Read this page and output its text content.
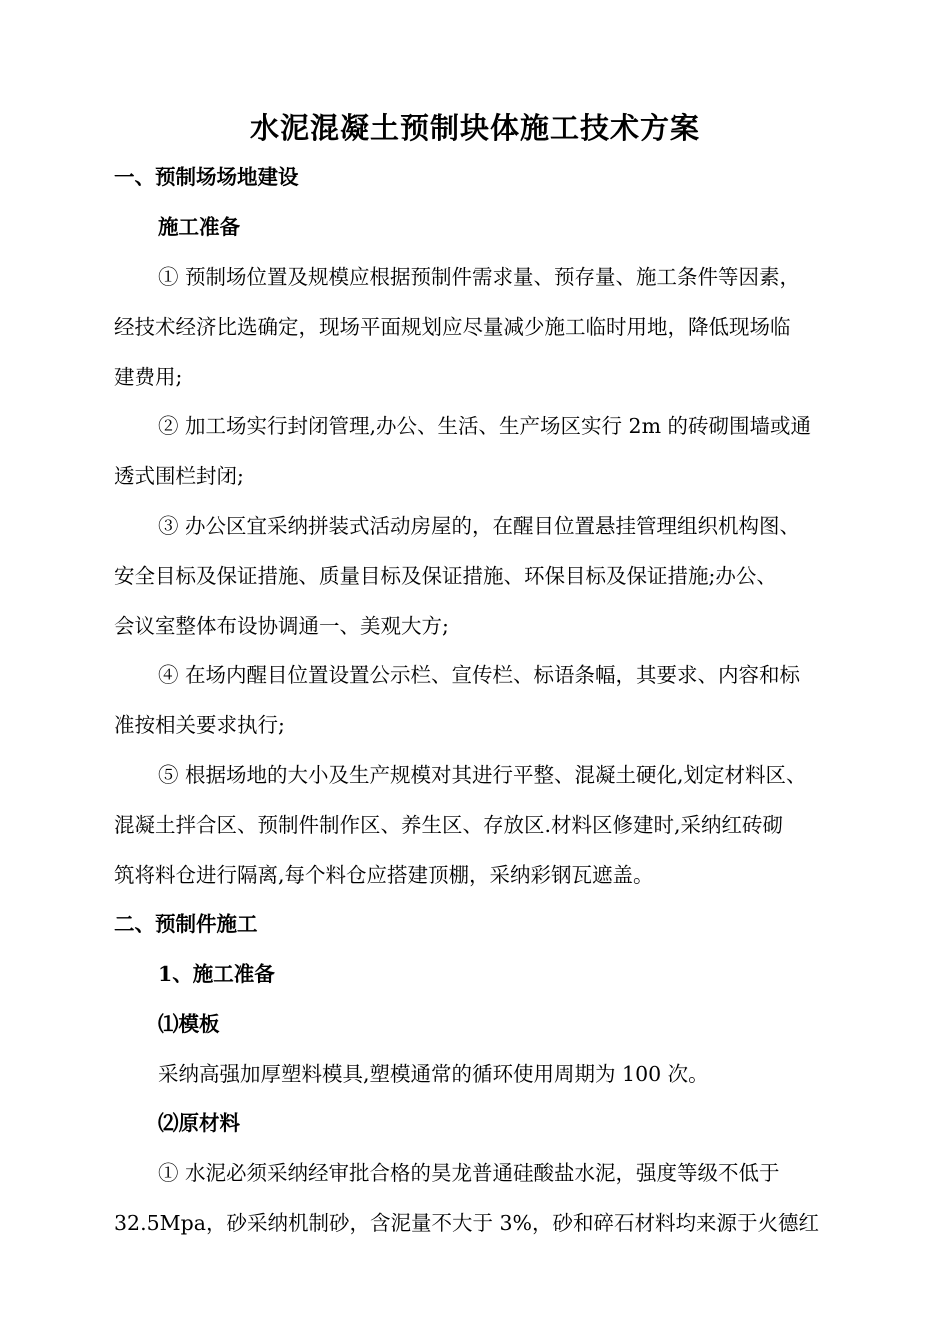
水泥混凝土预制块体施工技术方案
一、预制场场地建设
施工准备
① 预制场位置及规模应根据预制件需求量、预存量、施工条件等因素，
经技术经济比选确定，现场平面规划应尽量减少施工临时用地，降低现场临
建费用;
② 加工场实行封闭管理,办公、生活、生产场区实行 2m 的砖砌围墙或通
透式围栏封闭;
③ 办公区宜采纳拼装式活动房屋的，在醒目位置悬挂管理组织机构图、
安全目标及保证措施、质量目标及保证措施、环保目标及保证措施;办公、
会议室整体布设协调通一、美观大方;
④ 在场内醒目位置设置公示栏、宣传栏、标语条幅，其要求、内容和标
准按相关要求执行;
⑤ 根据场地的大小及生产规模对其进行平整、混凝土硬化,划定材料区、
混凝土拌合区、预制件制作区、养生区、存放区.材料区修建时,采纳红砖砌
筑将料仓进行隔离,每个料仓应搭建顶棚，采纳彩钢瓦遮盖。
二、预制件施工
1、施工准备
⑴模板
采纳高强加厚塑料模具,塑模通常的循环使用周期为 100 次。
⑵原材料
① 水泥必须采纳经审批合格的昊龙普通硅酸盐水泥，强度等级不低于
32.5Mpa，砂采纳机制砂，含泥量不大于 3%，砂和碎石材料均来源于火德红
